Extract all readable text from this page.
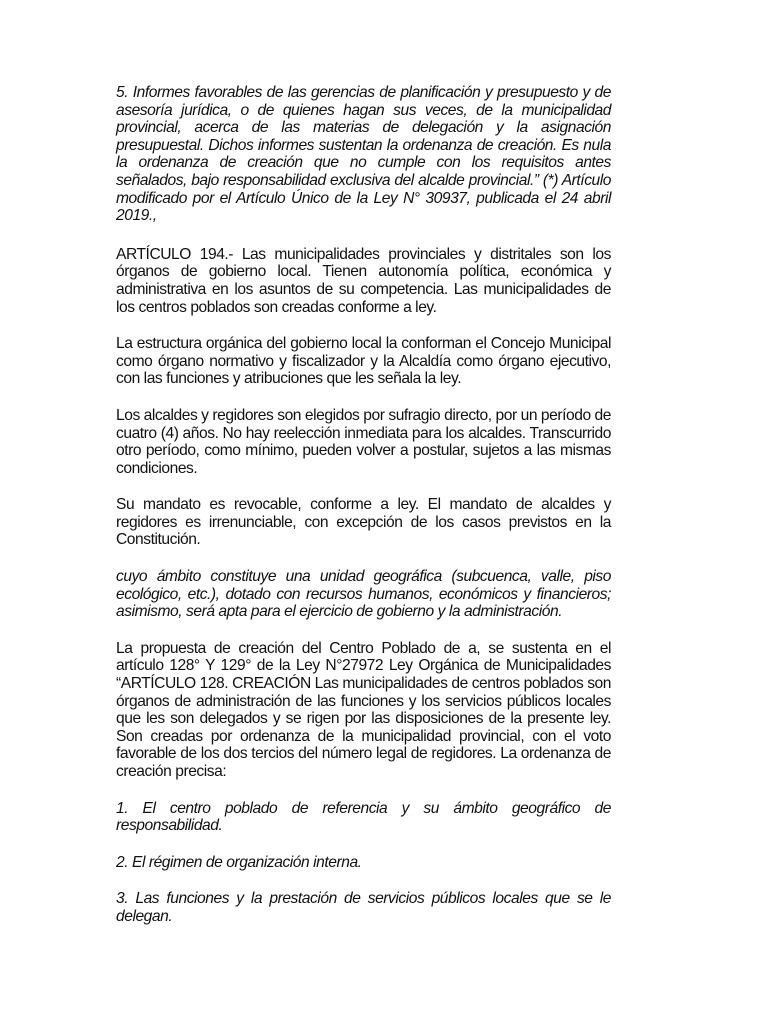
5. Informes favorables de las gerencias de planificación y presupuesto y de asesoría jurídica, o de quienes hagan sus veces, de la municipalidad provincial, acerca de las materias de delegación y la asignación presupuestal. Dichos informes sustentan la ordenanza de creación. Es nula la ordenanza de creación que no cumple con los requisitos antes señalados, bajo responsabilidad exclusiva del alcalde provincial.” (*) Artículo modificado por el Artículo Único de la Ley N° 30937, publicada el 24 abril 2019.,

ARTÍCULO 194.- Las municipalidades provinciales y distritales son los órganos de gobierno local. Tienen autonomía política, económica y administrativa en los asuntos de su competencia. Las municipalidades de los centros poblados son creadas conforme a ley.

La estructura orgánica del gobierno local la conforman el Concejo Municipal como órgano normativo y fiscalizador y la Alcaldía como órgano ejecutivo, con las funciones y atribuciones que les señala la ley.

Los alcaldes y regidores son elegidos por sufragio directo, por un período de cuatro (4) años. No hay reelección inmediata para los alcaldes. Transcurrido otro período, como mínimo, pueden volver a postular, sujetos a las mismas condiciones.

Su mandato es revocable, conforme a ley. El mandato de alcaldes y regidores es irrenunciable, con excepción de los casos previstos en la Constitución.

cuyo ámbito constituye una unidad geográfica (subcuenca, valle, piso ecológico, etc.), dotado con recursos humanos, económicos y financieros; asimismo, será apta para el ejercicio de gobierno y la administración.

La propuesta de creación del Centro Poblado de a, se sustenta en el artículo 128° Y 129° de la Ley N°27972 Ley Orgánica de Municipalidades “ARTÍCULO 128. CREACIÓN Las municipalidades de centros poblados son órganos de administración de las funciones y los servicios públicos locales que les son delegados y se rigen por las disposiciones de la presente ley. Son creadas por ordenanza de la municipalidad provincial, con el voto favorable de los dos tercios del número legal de regidores. La ordenanza de creación precisa:

1. El centro poblado de referencia y su ámbito geográfico de responsabilidad.

2. El régimen de organización interna.

3. Las funciones y la prestación de servicios públicos locales que se le delegan.
